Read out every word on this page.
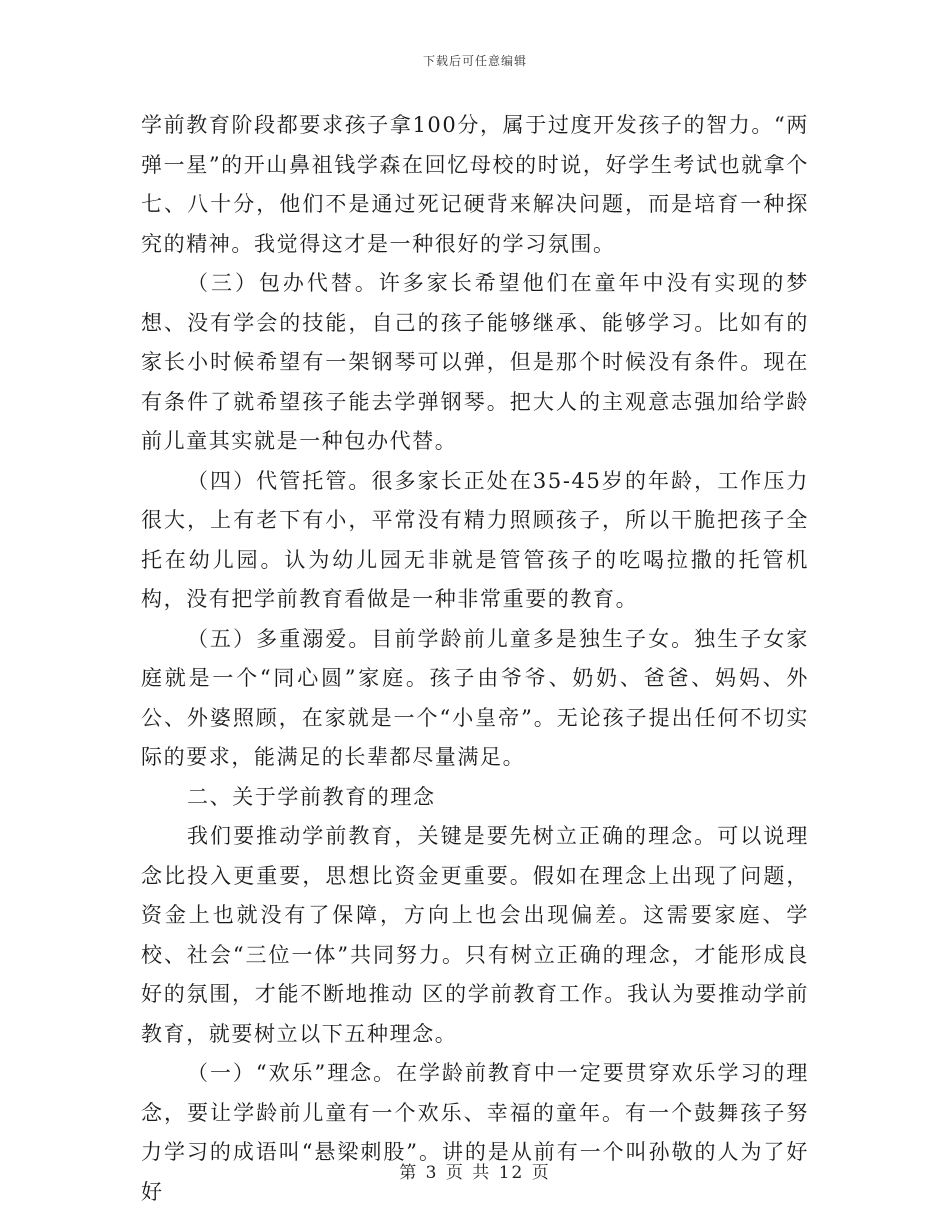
下载后可任意编辑

学前教育阶段都要求孩子拿100分，属于过度开发孩子的智力。“两弹一星”的开山鼻祖钱学森在回忆母校的时说，好学生考试也就拿个七、八十分，他们不是通过死记硬背来解决问题，而是培育一种探究的精神。我觉得这才是一种很好的学习氛围。

（三）包办代替。许多家长希望他们在童年中没有实现的梦想、没有学会的技能，自己的孩子能够继承、能够学习。比如有的家长小时候希望有一架钢琴可以弹，但是那个时候没有条件。现在有条件了就希望孩子能去学弹钢琴。把大人的主观意志强加给学龄前儿童其实就是一种包办代替。

（四）代管托管。很多家长正处在35-45岁的年龄，工作压力很大，上有老下有小，平常没有精力照顾孩子，所以干脆把孩子全托在幼儿园。认为幼儿园无非就是管管孩子的吃喝拉撒的托管机构，没有把学前教育看做是一种非常重要的教育。

（五）多重溺爱。目前学龄前儿童多是独生子女。独生子女家庭就是一个“同心圆”家庭。孩子由爷爷、奶奶、爸爸、妈妈、外公、外婆照顾，在家就是一个“小皇帝”。无论孩子提出任何不切实际的要求，能满足的长辈都尽量满足。

二、关于学前教育的理念

我们要推动学前教育，关键是要先树立正确的理念。可以说理念比投入更重要，思想比资金更重要。假如在理念上出现了问题，资金上也就没有了保障，方向上也会出现偏差。这需要家庭、学校、社会“三位一体”共同努力。只有树立正确的理念，才能形成良好的氛围，才能不断地推动 区的学前教育工作。我认为要推动学前教育，就要树立以下五种理念。

（一）“欢乐”理念。在学龄前教育中一定要贯穿欢乐学习的理念，要让学龄前儿童有一个欢乐、幸福的童年。有一个鼓舞孩子努力学习的成语叫“悬梁刺股”。讲的是从前有一个叫孙敬的人为了好好

第 3 页 共 12 页
